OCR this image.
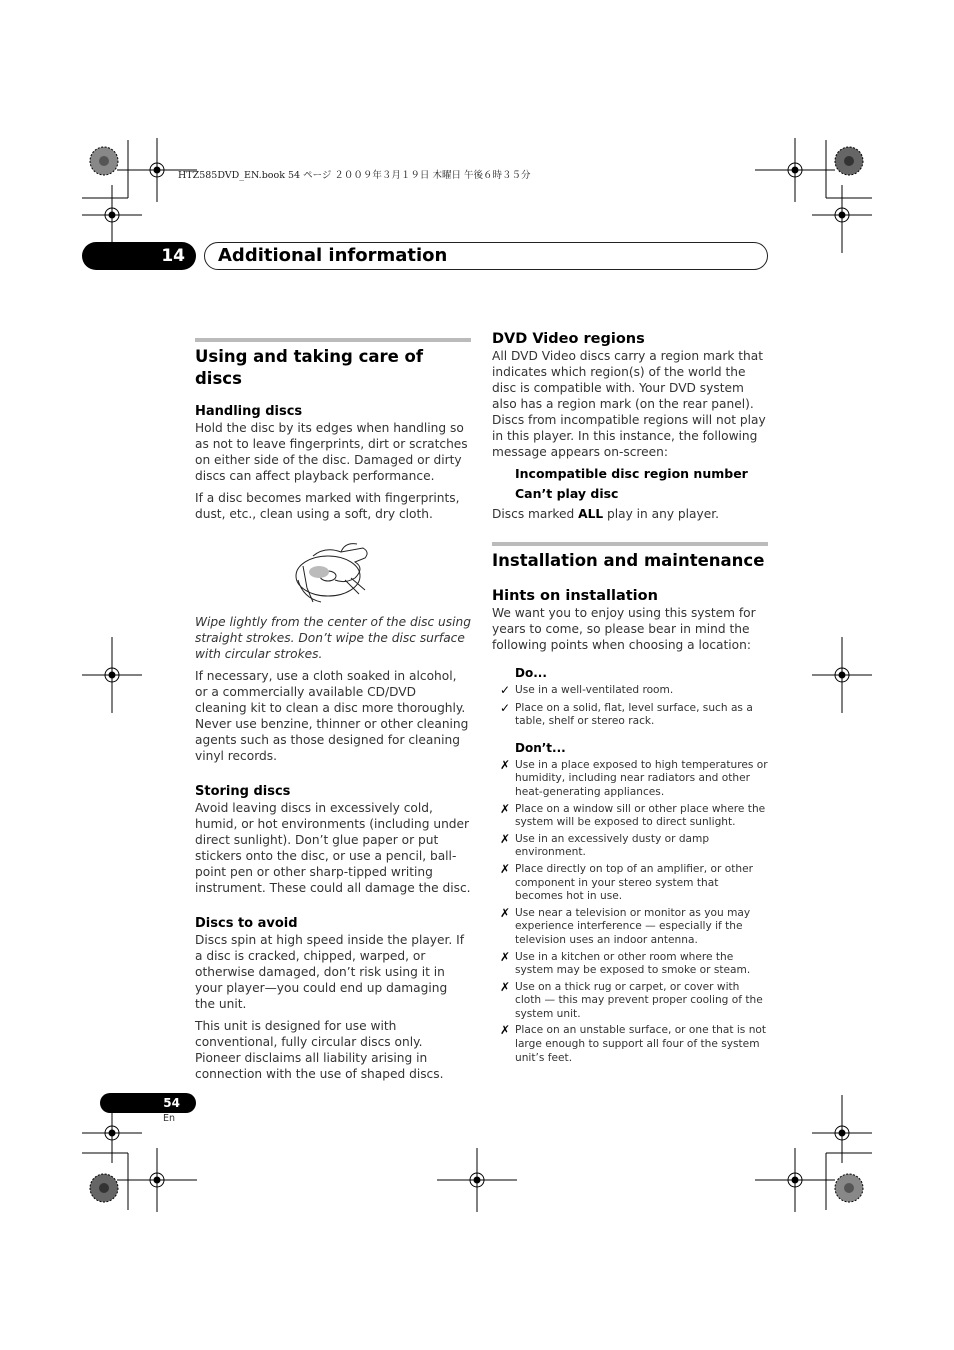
HTZ585DVD_EN.book 54 ページ ２００９年３月１９日 木曜日 午後６時３５分
14	Additional information
Using and taking care of discs
Handling discs

Hold the disc by its edges when handling so as not to leave fingerprints, dirt or scratches on either side of the disc. Damaged or dirty discs can affect playback performance.

If a disc becomes marked with fingerprints, dust, etc., clean using a soft, dry cloth.

Wipe lightly from the center of the disc using straight strokes. Don’t wipe the disc surface with circular strokes.

If necessary, use a cloth soaked in alcohol, or a commercially available CD/DVD cleaning kit to clean a disc more thoroughly. Never use benzine, thinner or other cleaning agents such as those designed for cleaning vinyl records.

Storing discs

Avoid leaving discs in excessively cold, humid, or hot environments (including under direct sunlight). Don’t glue paper or put stickers onto the disc, or use a pencil, ball-point pen or other sharp-tipped writing instrument. These could all damage the disc.

Discs to avoid

Discs spin at high speed inside the player. If a disc is cracked, chipped, warped, or otherwise damaged, don’t risk using it in your player—you could end up damaging the unit.

This unit is designed for use with conventional, fully circular discs only. Pioneer disclaims all liability arising in connection with the use of shaped discs.

DVD Video regions

All DVD Video discs carry a region mark that indicates which region(s) of the world the disc is compatible with. Your DVD system also has a region mark (on the rear panel). Discs from incompatible regions will not play in this player. In this instance, the following message appears on-screen:

Incompatible disc region number
Can’t play disc

Discs marked ALL play in any player.

Installation and maintenance
Hints on installation

We want you to enjoy using this system for years to come, so please bear in mind the following points when choosing a location:

Do...
✓ Use in a well-ventilated room.
✓ Place on a solid, flat, level surface, such as a table, shelf or stereo rack.
Don’t...
✗ Use in a place exposed to high temperatures or humidity, including near radiators and other heat-generating appliances.
✗ Place on a window sill or other place where the system will be exposed to direct sunlight.
✗ Use in an excessively dusty or damp environment.
✗ Place directly on top of an amplifier, or other component in your stereo system that becomes hot in use.
✗ Use near a television or monitor as you may experience interference — especially if the television uses an indoor antenna.
✗ Use in a kitchen or other room where the system may be exposed to smoke or steam.
✗ Use on a thick rug or carpet, or cover with cloth — this may prevent proper cooling of the system unit.
✗ Place on an unstable surface, or one that is not large enough to support all four of the system unit’s feet.
54
En
